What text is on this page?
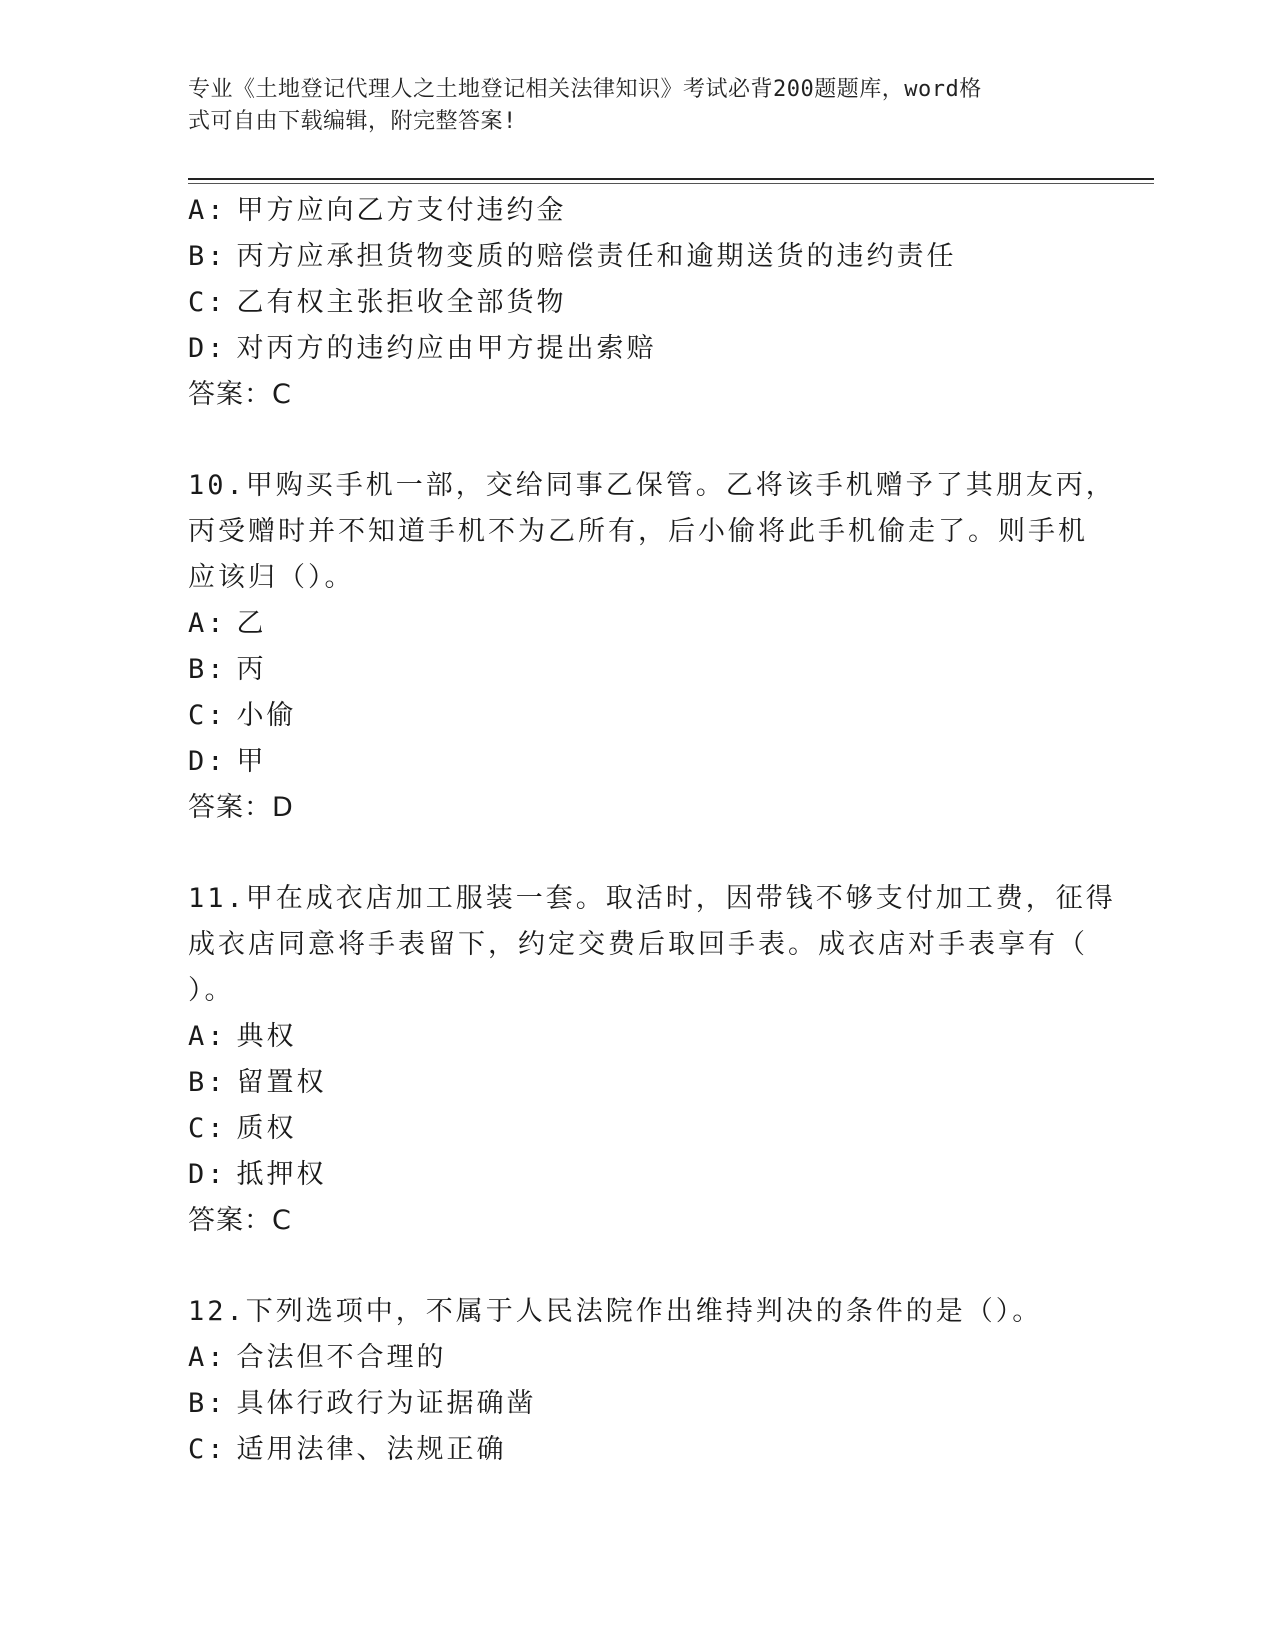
专业《土地登记代理人之土地登记相关法律知识》考试必背200题题库，word格
式可自由下载编辑，附完整答案!
A: 甲方应向乙方支付违约金
B: 丙方应承担货物变质的赔偿责任和逾期送货的违约责任
C: 乙有权主张拒收全部货物
D: 对丙方的违约应由甲方提出索赔
答案：C
10.甲购买手机一部，交给同事乙保管。乙将该手机赠予了其朋友丙，
丙受赠时并不知道手机不为乙所有，后小偷将此手机偷走了。则手机
应该归（）。
A: 乙
B: 丙
C: 小偷
D: 甲
答案：D
11.甲在成衣店加工服装一套。取活时，因带钱不够支付加工费，征得
成衣店同意将手表留下，约定交费后取回手表。成衣店对手表享有（
）。
A: 典权
B: 留置权
C: 质权
D: 抵押权
答案：C
12.下列选项中，不属于人民法院作出维持判决的条件的是（）。
A: 合法但不合理的
B: 具体行政行为证据确凿
C: 适用法律、法规正确
